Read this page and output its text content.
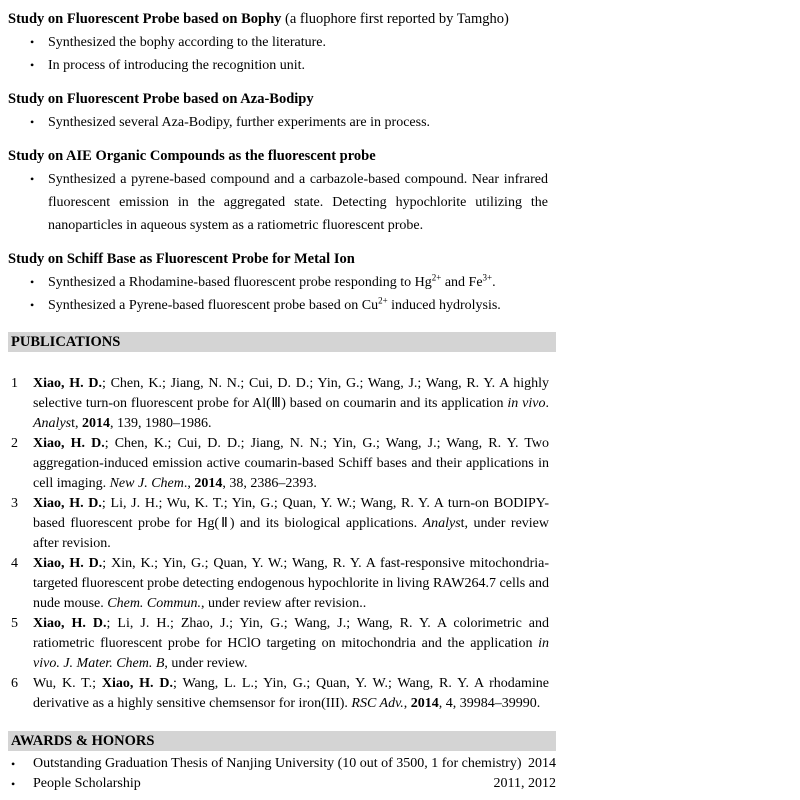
Study on Fluorescent Probe based on Bophy (a fluophore first reported by Tamgho)
• Synthesized the bophy according to the literature.
• In process of introducing the recognition unit.
Study on Fluorescent Probe based on Aza-Bodipy
• Synthesized several Aza-Bodipy, further experiments are in process.
Study on AIE Organic Compounds as the fluorescent probe
• Synthesized a pyrene-based compound and a carbazole-based compound. Near infrared fluorescent emission in the aggregated state. Detecting hypochlorite utilizing the nanoparticles in aqueous system as a ratiometric fluorescent probe.
Study on Schiff Base as Fluorescent Probe for Metal Ion
• Synthesized a Rhodamine-based fluorescent probe responding to $Hg^{2+}$ and $Fe^{3+}$.
• Synthesized a Pyrene-based fluorescent probe based on $Cu^{2+}$ induced hydrolysis.
PUBLICATIONS
1 Xiao, H. D.; Chen, K.; Jiang, N. N.; Cui, D. D.; Yin, G.; Wang, J.; Wang, R. Y. A highly selective turn-on fluorescent probe for Al(Ⅲ) based on coumarin and its application in vivo. Analyst, 2014, 139, 1980–1986.
2 Xiao, H. D.; Chen, K.; Cui, D. D.; Jiang, N. N.; Yin, G.; Wang, J.; Wang, R. Y. Two aggregation-induced emission active coumarin-based Schiff bases and their applications in cell imaging. New J. Chem., 2014, 38, 2386–2393.
3 Xiao, H. D.; Li, J. H.; Wu, K. T.; Yin, G.; Quan, Y. W.; Wang, R. Y. A turn-on BODIPY-based fluorescent probe for Hg(Ⅱ) and its biological applications. Analyst, under review after revision.
4 Xiao, H. D.; Xin, K.; Yin, G.; Quan, Y. W.; Wang, R. Y. A fast-responsive mitochondria-targeted fluorescent probe detecting endogenous hypochlorite in living RAW264.7 cells and nude mouse. Chem. Commun., under review after revision..
5 Xiao, H. D.; Li, J. H.; Zhao, J.; Yin, G.; Wang, J.; Wang, R. Y. A colorimetric and ratiometric fluorescent probe for HClO targeting on mitochondria and the application in vivo. J. Mater. Chem. B, under review.
6 Wu, K. T.; Xiao, H. D.; Wang, L. L.; Yin, G.; Quan, Y. W.; Wang, R. Y. A rhodamine derivative as a highly sensitive chemsensor for iron(III). RSC Adv., 2014, 4, 39984–39990.
AWARDS & HONORS
• Outstanding Graduation Thesis of Nanjing University (10 out of 3500, 1 for chemistry) 2014
• People Scholarship	2011, 2012
